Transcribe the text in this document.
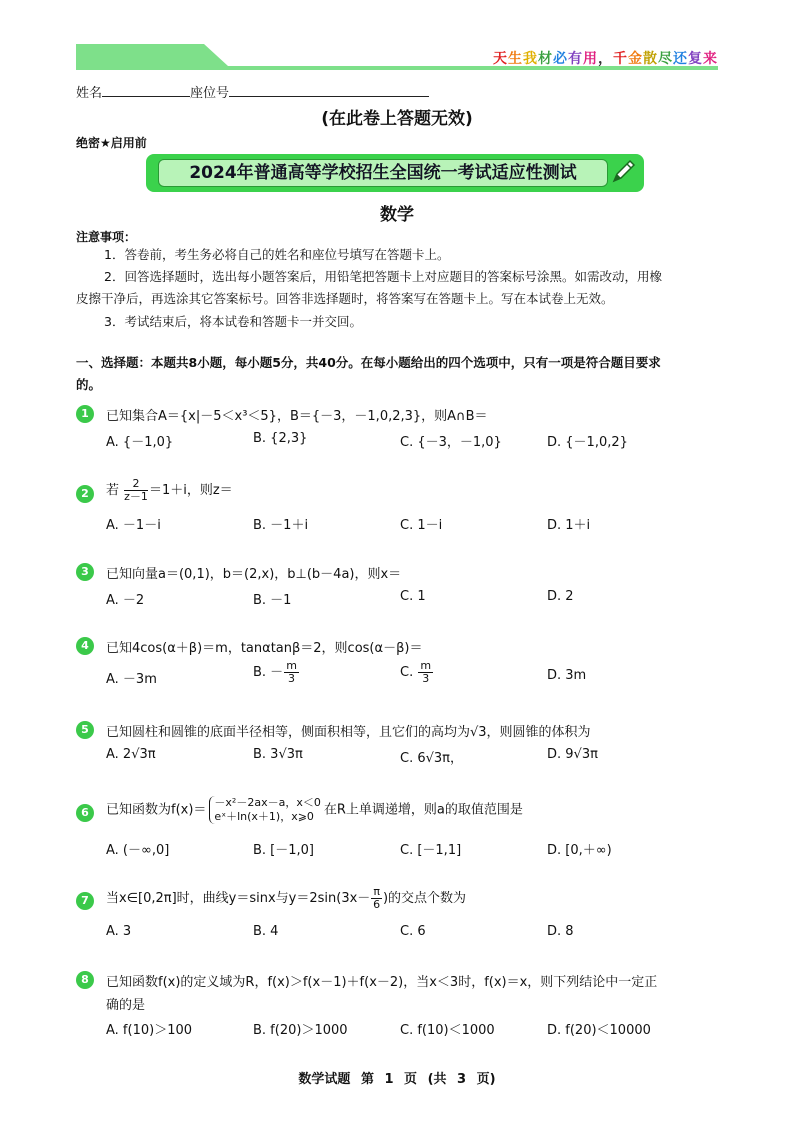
天生我材必有用，千金散尽还复来
姓名	座位号
(在此卷上答题无效)
绝密★启用前
2024年普通高等学校招生全国统一考试适应性测试
数学
注意事项：
1．答卷前，考生务必将自己的姓名和座位号填写在答题卡上。
2．回答选择题时，选出每小题答案后，用铅笔把答题卡上对应题目的答案标号涂黑。如需改动，用橡
皮擦干净后，再选涂其它答案标号。回答非选择题时，将答案写在答题卡上。写在本试卷上无效。
3．考试结束后，将本试卷和答题卡一并交回。
一、选择题：本题共8小题，每小题5分，共40分。在每小题给出的四个选项中，只有一项是符合题目要求
的。
1	已知集合A＝{x|－5＜x³＜5}，B＝{－3，－1,0,2,3}，则A∩B＝
A. {－1,0}	B. {2,3}	C. {－3，－1,0}	D. {－1,0,2}
2	若 $\frac{2}{z-1} =1+i$，则z＝
A. －1－i	B. －1＋i	C. 1－i	D. 1＋i
3	已知向量a＝(0,1)，b＝(2,x)，b⊥(b－4a)，则x＝
A. －2	B. －1	C. 1	D. 2
4	已知4cos(α＋β)＝m，tanαtanβ＝2，则cos(α－β)＝
A. －3m	B. － $\frac{m}{3}$	C. $\frac{m}{3}$	D. 3m
5	已知圆柱和圆锥的底面半径相等，侧面积相等，且它们的高均为√3，则圆锥的体积为
A. 2√3π	B. 3√3π	C. 6√3π，	D. 9√3π
6	已知函数为f(x)＝ －x²－2ax－a，x＜0
eˣ＋ln(x＋1)，x⩾0 在R上单调递增，则a的取值范围是
A. (－∞,0]	B. [－1,0]	C. [－1,1]	D. [0,＋∞)
7	当x∈[0,2π]时，曲线y＝sinx与$y=2\sin(3x- \frac{\pi}{6}$ )的交点个数为
A. 3	B. 4	C. 6	D. 8
8	已知函数f(x)的定义域为R，f(x)＞f(x－1)＋f(x－2)，当x＜3时，f(x)＝x，则下列结论中一定正
确的是
A. f(10)＞100	B. f(20)＞1000	C. f(10)＜1000	D. f(20)＜10000
数学试题 第 1 页 (共 3 页)
